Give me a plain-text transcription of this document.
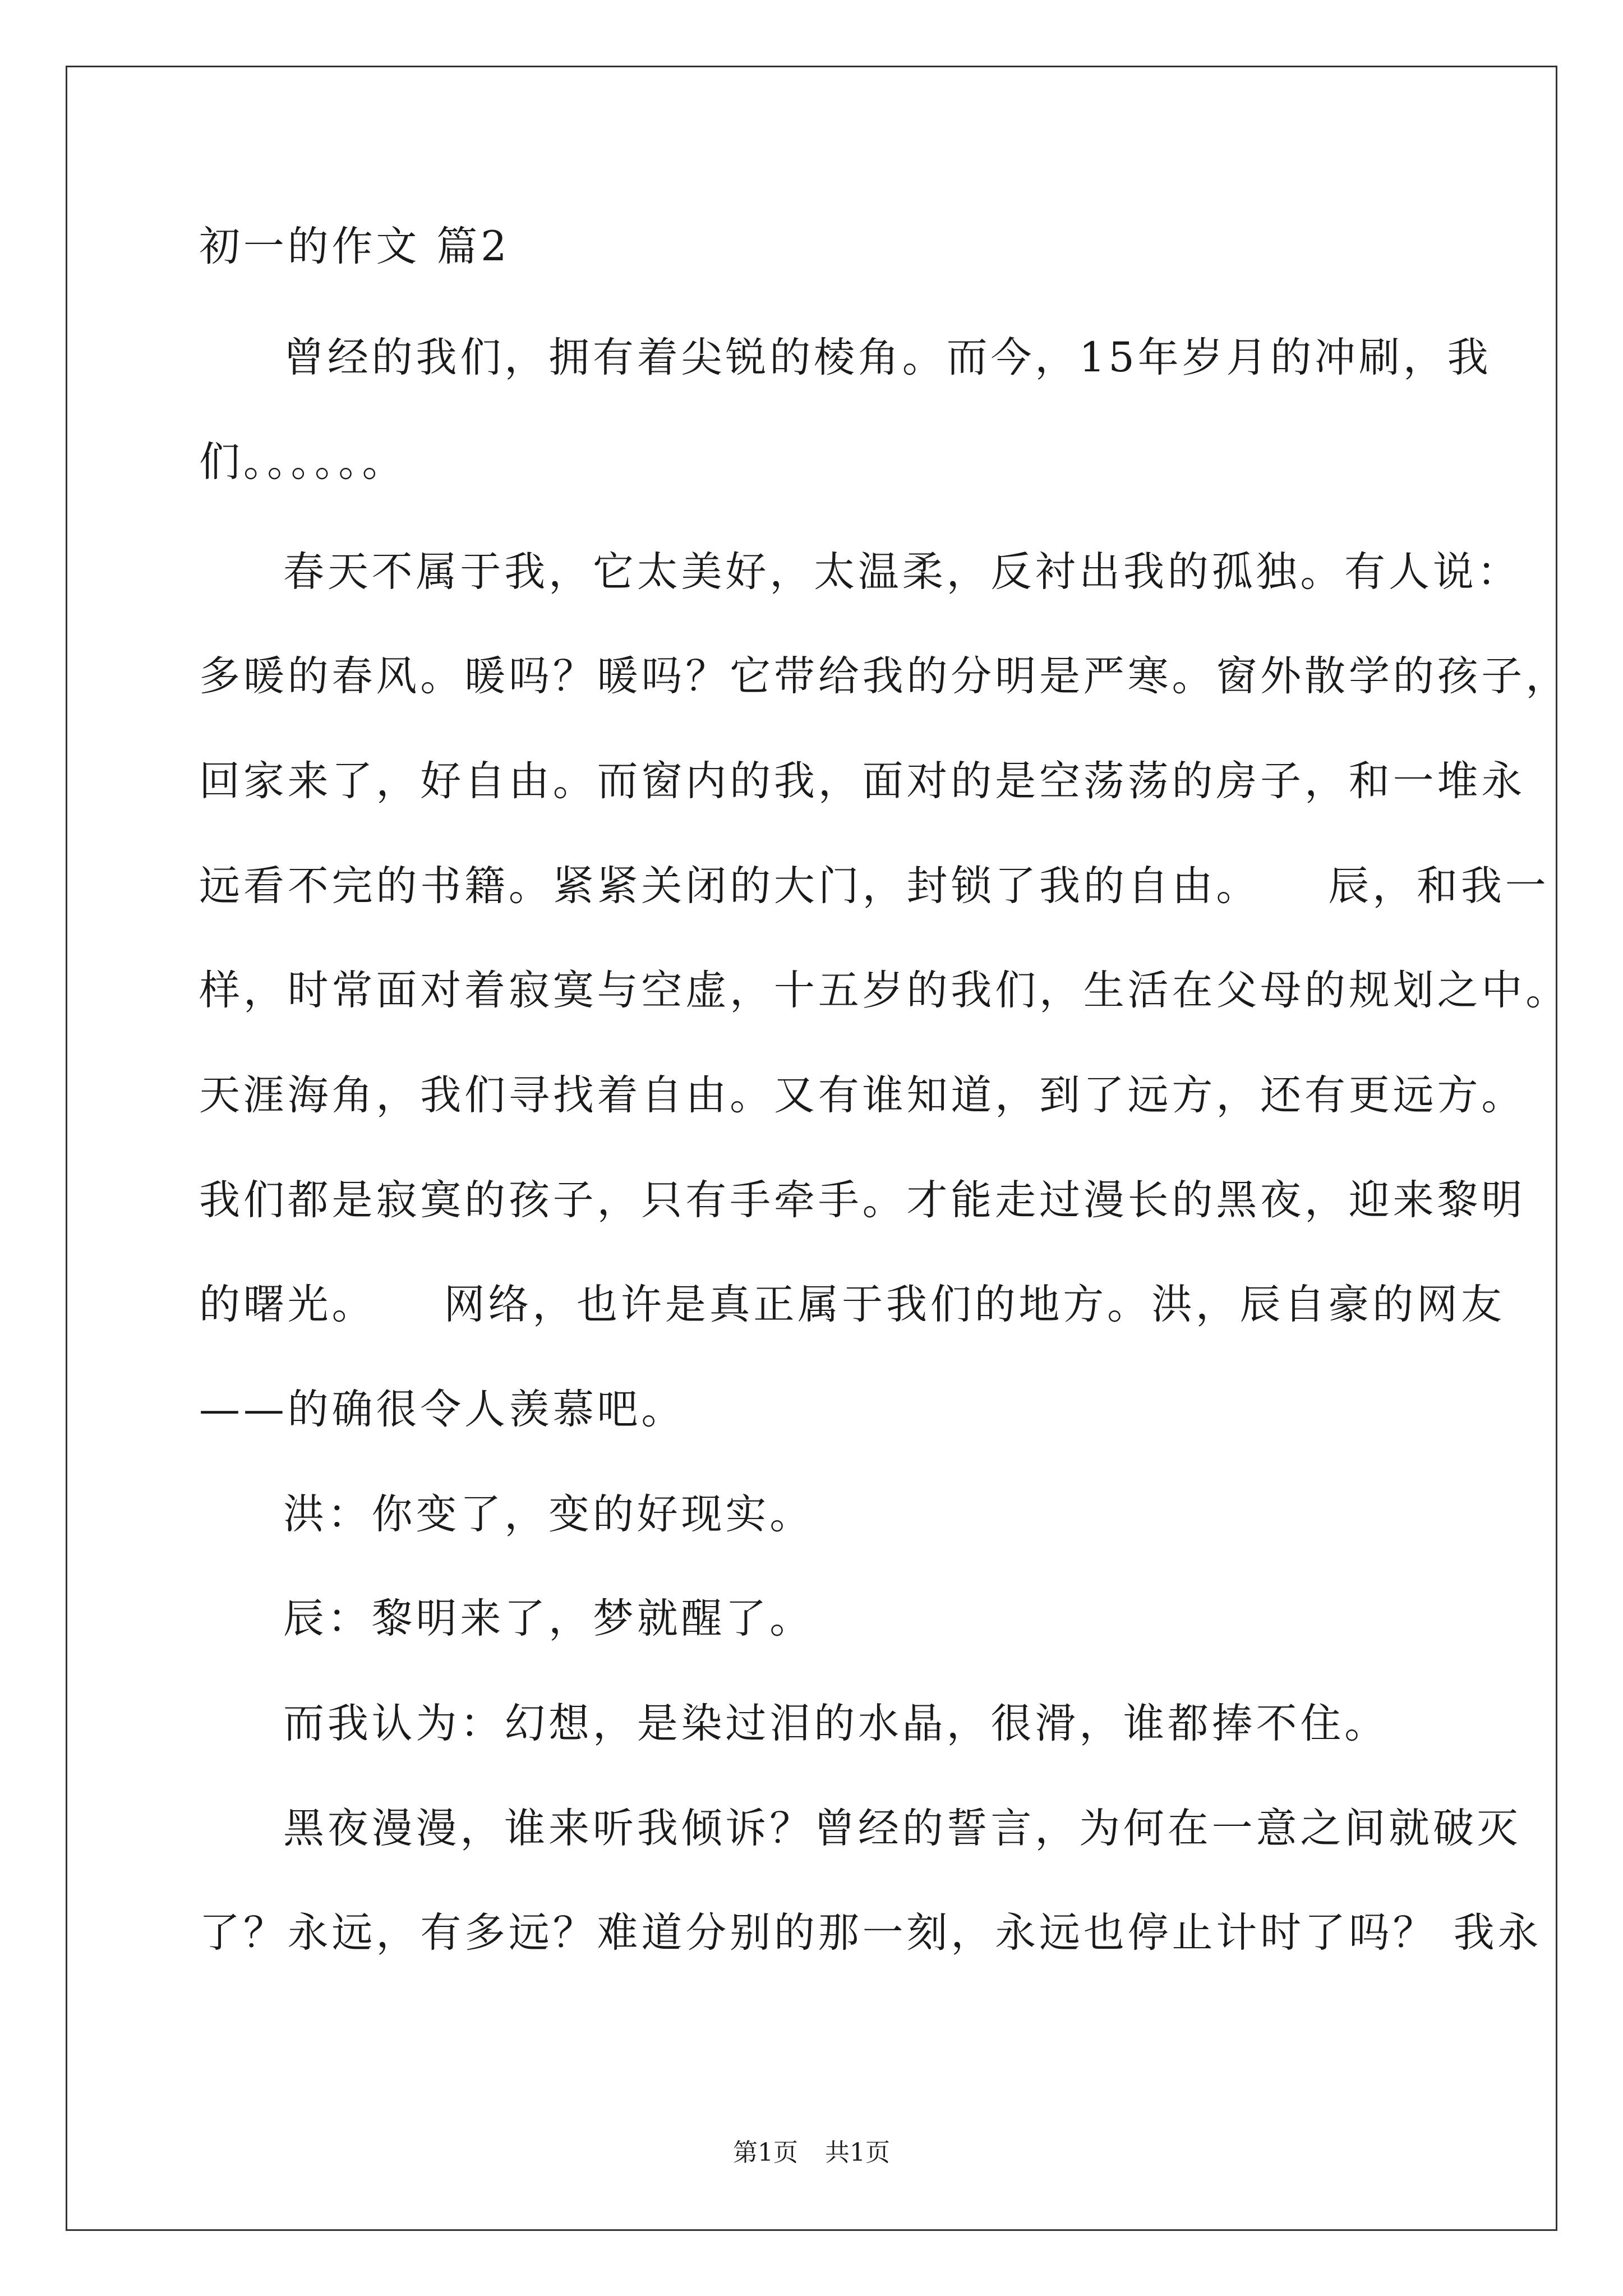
初一的作文 篇2
曾经的我们，拥有着尖锐的棱角。而今，15年岁月的冲刷，我
们。。。。。。
春天不属于我，它太美好，太温柔，反衬出我的孤独。有人说：
多暖的春风。暖吗？暖吗？它带给我的分明是严寒。窗外散学的孩子，
回家来了，好自由。而窗内的我，面对的是空荡荡的房子，和一堆永
远看不完的书籍。紧紧关闭的大门，封锁了我的自由。　　辰，和我一
样，时常面对着寂寞与空虚，十五岁的我们，生活在父母的规划之中。
天涯海角，我们寻找着自由。又有谁知道，到了远方，还有更远方。
我们都是寂寞的孩子，只有手牵手。才能走过漫长的黑夜，迎来黎明
的曙光。　　网络，也许是真正属于我们的地方。洪，辰自豪的网友
——的确很令人羡慕吧。
洪：你变了，变的好现实。
辰：黎明来了，梦就醒了。
而我认为：幻想，是染过泪的水晶，很滑，谁都捧不住。
黑夜漫漫，谁来听我倾诉？曾经的誓言，为何在一意之间就破灭
了？永远，有多远？难道分别的那一刻，永远也停止计时了吗？ 我永
第1页 共1页
